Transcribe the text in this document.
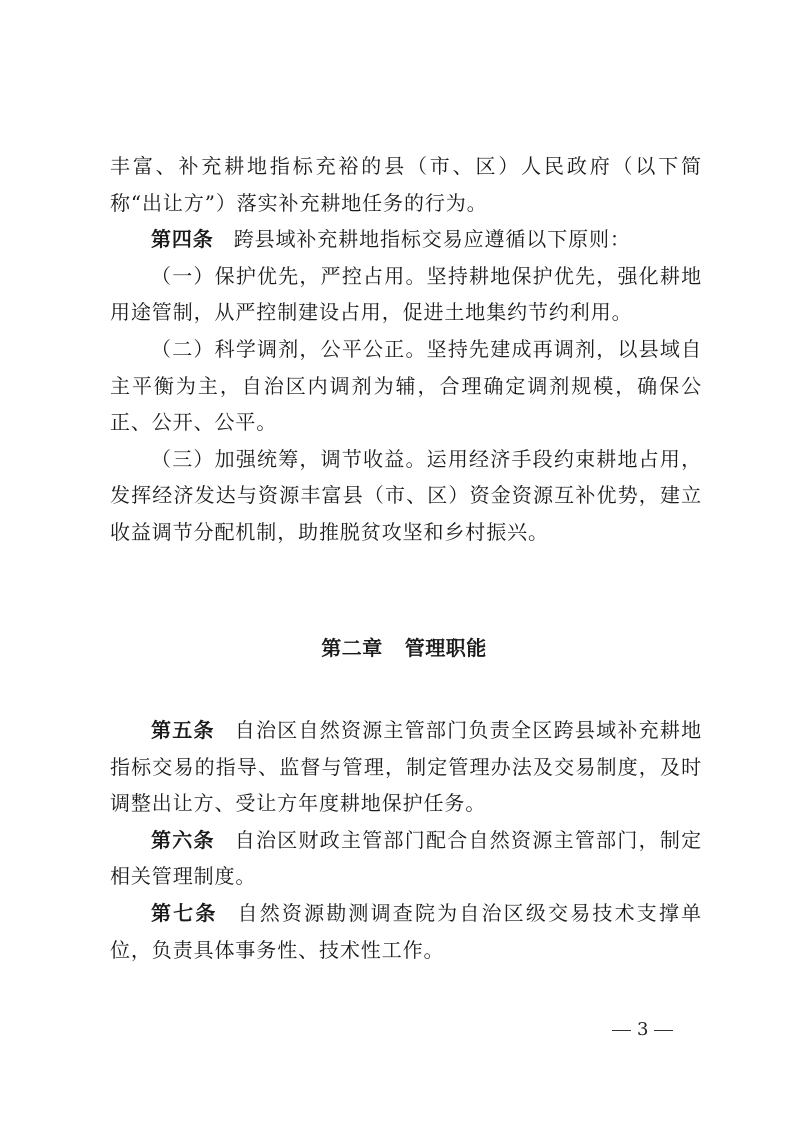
丰富、补充耕地指标充裕的县（市、区）人民政府（以下简称“出让方”）落实补充耕地任务的行为。

第四条 跨县域补充耕地指标交易应遵循以下原则：

（一）保护优先，严控占用。坚持耕地保护优先，强化耕地用途管制，从严控制建设占用，促进土地集约节约利用。

（二）科学调剂，公平公正。坚持先建成再调剂，以县域自主平衡为主，自治区内调剂为辅，合理确定调剂规模，确保公正、公开、公平。

（三）加强统筹，调节收益。运用经济手段约束耕地占用，发挥经济发达与资源丰富县（市、区）资金资源互补优势，建立收益调节分配机制，助推脱贫攻坚和乡村振兴。

第二章 管理职能

第五条 自治区自然资源主管部门负责全区跨县域补充耕地指标交易的指导、监督与管理，制定管理办法及交易制度，及时调整出让方、受让方年度耕地保护任务。

第六条 自治区财政主管部门配合自然资源主管部门，制定相关管理制度。

第七条 自然资源勘测调查院为自治区级交易技术支撑单位，负责具体事务性、技术性工作。

3
